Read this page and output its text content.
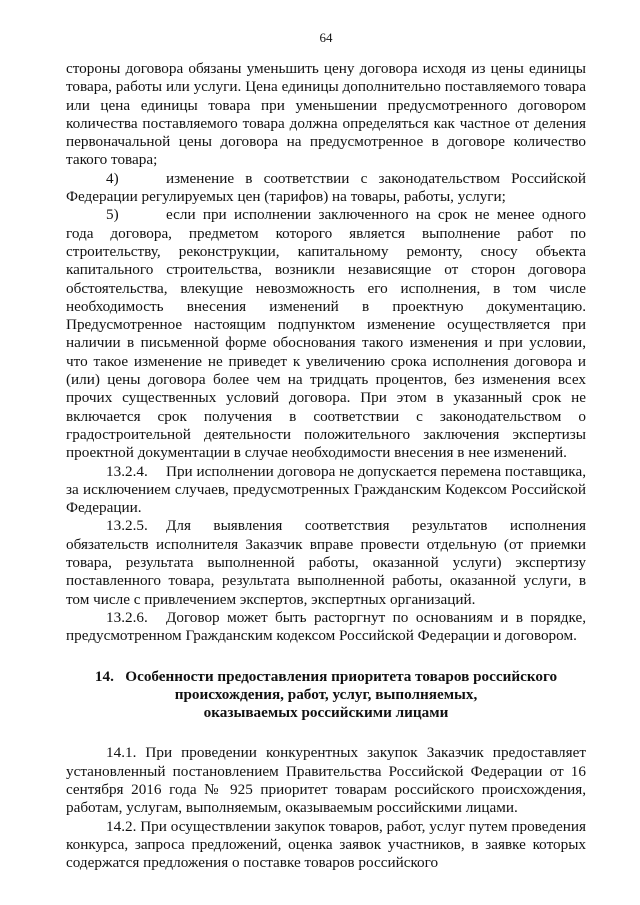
64

стороны договора обязаны уменьшить цену договора исходя из цены единицы товара, работы или услуги. Цена единицы дополнительно поставляемого товара или цена единицы товара при уменьшении предусмотренного договором количества поставляемого товара должна определяться как частное от деления первоначальной цены договора на предусмотренное в договоре количество такого товара;

4)	изменение в соответствии с законодательством Российской Федерации регулируемых цен (тарифов) на товары, работы, услуги;

5)	если при исполнении заключенного на срок не менее одного года договора, предметом которого является выполнение работ по строительству, реконструкции, капитальному ремонту, сносу объекта капитального строительства, возникли независящие от сторон договора обстоятельства, влекущие невозможность его исполнения, в том числе необходимость внесения изменений в проектную документацию. Предусмотренное настоящим подпунктом изменение осуществляется при наличии в письменной форме обоснования такого изменения и при условии, что такое изменение не приведет к увеличению срока исполнения договора и (или) цены договора более чем на тридцать процентов, без изменения всех прочих существенных условий договора. При этом в указанный срок не включается срок получения в соответствии с законодательством о градостроительной деятельности положительного заключения экспертизы проектной документации в случае необходимости внесения в нее изменений.

13.2.4. При исполнении договора не допускается перемена поставщика, за исключением случаев, предусмотренных Гражданским Кодексом Российской Федерации.

13.2.5. Для выявления соответствия результатов исполнения обязательств исполнителя Заказчик вправе провести отдельную (от приемки товара, результата выполненной работы, оказанной услуги) экспертизу поставленного товара, результата выполненной работы, оказанной услуги, в том числе с привлечением экспертов, экспертных организаций.

13.2.6. Договор может быть расторгнут по основаниям и в порядке, предусмотренном Гражданским кодексом Российской Федерации и договором.

14. Особенности предоставления приоритета товаров российского
происхождения, работ, услуг, выполняемых,
оказываемых российскими лицами

14.1. При проведении конкурентных закупок Заказчик предоставляет установленный постановлением Правительства Российской Федерации от 16 сентября 2016 года № 925 приоритет товарам российского происхождения, работам, услугам, выполняемым, оказываемым российскими лицами.

14.2. При осуществлении закупок товаров, работ, услуг путем проведения конкурса, запроса предложений, оценка заявок участников, в заявке которых содержатся предложения о поставке товаров российского
